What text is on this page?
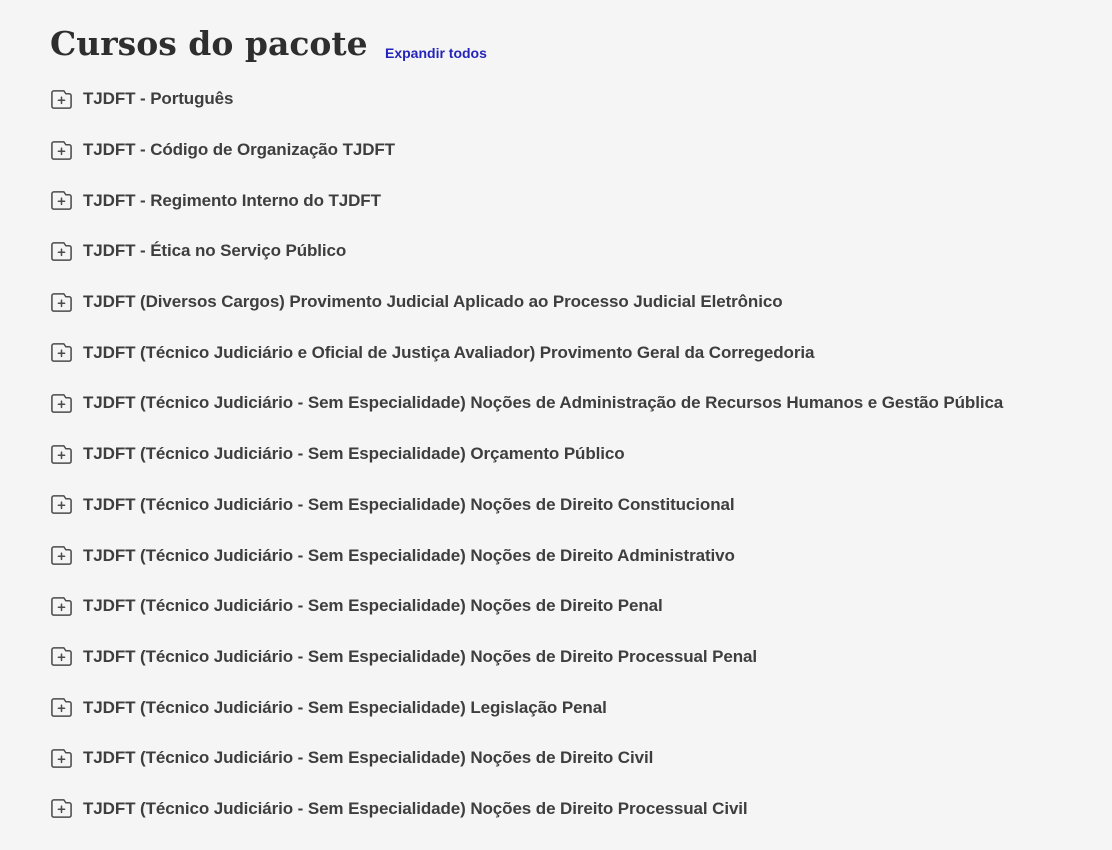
Cursos do pacote Expandir todos
TJDFT - Português
TJDFT - Código de Organização TJDFT
TJDFT - Regimento Interno do TJDFT
TJDFT - Ética no Serviço Público
TJDFT (Diversos Cargos) Provimento Judicial Aplicado ao Processo Judicial Eletrônico
TJDFT (Técnico Judiciário e Oficial de Justiça Avaliador) Provimento Geral da Corregedoria
TJDFT (Técnico Judiciário - Sem Especialidade) Noções de Administração de Recursos Humanos e Gestão Pública
TJDFT (Técnico Judiciário - Sem Especialidade) Orçamento Público
TJDFT (Técnico Judiciário - Sem Especialidade) Noções de Direito Constitucional
TJDFT (Técnico Judiciário - Sem Especialidade) Noções de Direito Administrativo
TJDFT (Técnico Judiciário - Sem Especialidade) Noções de Direito Penal
TJDFT (Técnico Judiciário - Sem Especialidade) Noções de Direito Processual Penal
TJDFT (Técnico Judiciário - Sem Especialidade) Legislação Penal
TJDFT (Técnico Judiciário - Sem Especialidade) Noções de Direito Civil
TJDFT (Técnico Judiciário - Sem Especialidade) Noções de Direito Processual Civil
